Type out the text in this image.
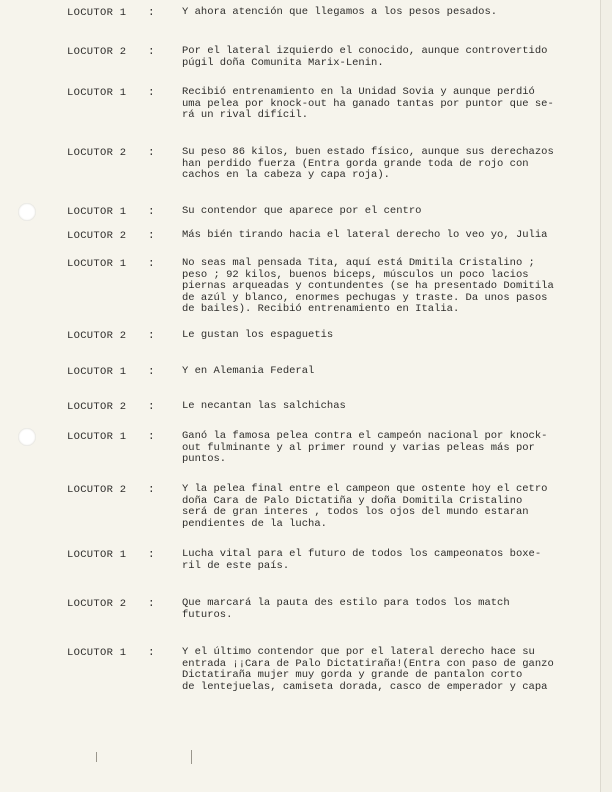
LOCUTOR 1 :	Y ahora atención que llegamos a los pesos pesados.
LOCUTOR 2 :	Por el lateral izquierdo el conocido, aunque controvertido
púgil doña Comunita Marix-Lenin.
LOCUTOR 1 :	Recibió entrenamiento en la Unidad Sovia y aunque perdió
uma pelea por knock-out ha ganado tantas por puntor que se-
rá un rival difícil.
LOCUTOR 2 :	Su peso 86 kilos, buen estado físico, aunque sus derechazos
han perdido fuerza (Entra gorda grande toda de rojo con
cachos en la cabeza y capa roja).
LOCUTOR 1 :	Su contendor que aparece por el centro
LOCUTOR 2 :	Más bién tirando hacia el lateral derecho lo veo yo, Julia
LOCUTOR 1 :	No seas mal pensada Tita, aquí está Dmitila Cristalino ;
peso ; 92 kilos, buenos biceps, músculos un poco lacios
piernas arqueadas y contundentes (se ha presentado Domitila
de azúl y blanco, enormes pechugas y traste. Da unos pasos
de bailes). Recibió entrenamiento en Italia.
LOCUTOR 2 :	Le gustan los espaguetis
LOCUTOR 1 :	Y en Alemania Federal
LOCUTOR 2 :	Le necantan las salchichas
LOCUTOR 1 :	Ganó la famosa pelea contra el campeón nacional por knock-
out fulminante y al primer round y varias peleas más por
puntos.
LOCUTOR 2 :	Y la pelea final entre el campeon que ostente hoy el cetro
doña Cara de Palo Dictatiña y doña Domitila Cristalino
será de gran interes , todos los ojos del mundo estaran
pendientes de la lucha.
LOCUTOR 1 :	Lucha vital para el futuro de todos los campeonatos boxe-
ril de este país.
LOCUTOR 2 :	Que marcará la pauta des estilo para todos los match
futuros.
LOCUTOR 1 :	Y el último contendor que por el lateral derecho hace su
entrada ¡¡Cara de Palo Dictatiraña!(Entra con paso de ganzo
Dictatiraña mujer muy gorda y grande de pantalon corto
de lentejuelas, camiseta dorada, casco de emperador y capa
